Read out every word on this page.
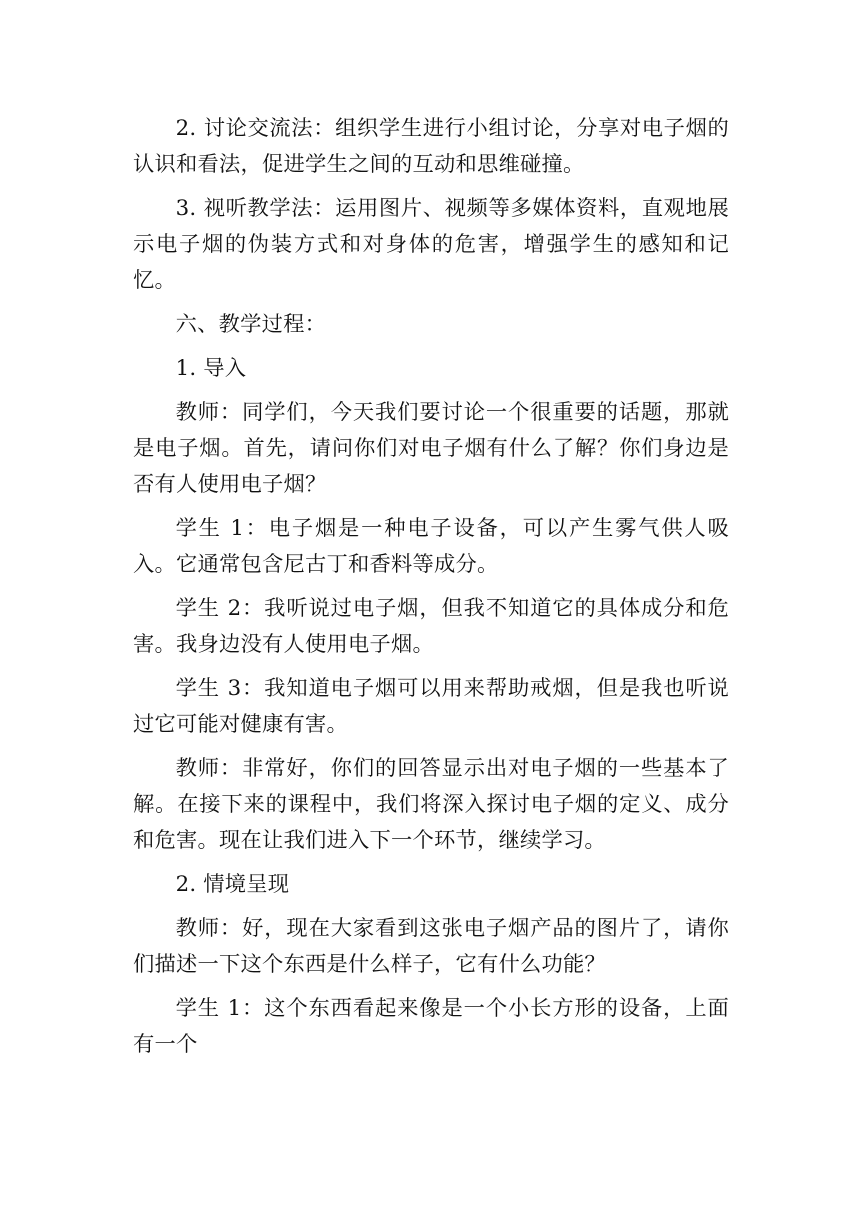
2. 讨论交流法：组织学生进行小组讨论，分享对电子烟的认识和看法，促进学生之间的互动和思维碰撞。

3. 视听教学法：运用图片、视频等多媒体资料，直观地展示电子烟的伪装方式和对身体的危害，增强学生的感知和记忆。

六、教学过程：

1. 导入

教师：同学们，今天我们要讨论一个很重要的话题，那就是电子烟。首先，请问你们对电子烟有什么了解？你们身边是否有人使用电子烟？

学生 1：电子烟是一种电子设备，可以产生雾气供人吸入。它通常包含尼古丁和香料等成分。

学生 2：我听说过电子烟，但我不知道它的具体成分和危害。我身边没有人使用电子烟。

学生 3：我知道电子烟可以用来帮助戒烟，但是我也听说过它可能对健康有害。

教师：非常好，你们的回答显示出对电子烟的一些基本了解。在接下来的课程中，我们将深入探讨电子烟的定义、成分和危害。现在让我们进入下一个环节，继续学习。

2. 情境呈现

教师：好，现在大家看到这张电子烟产品的图片了，请你们描述一下这个东西是什么样子，它有什么功能？

学生 1：这个东西看起来像是一个小长方形的设备，上面有一个
